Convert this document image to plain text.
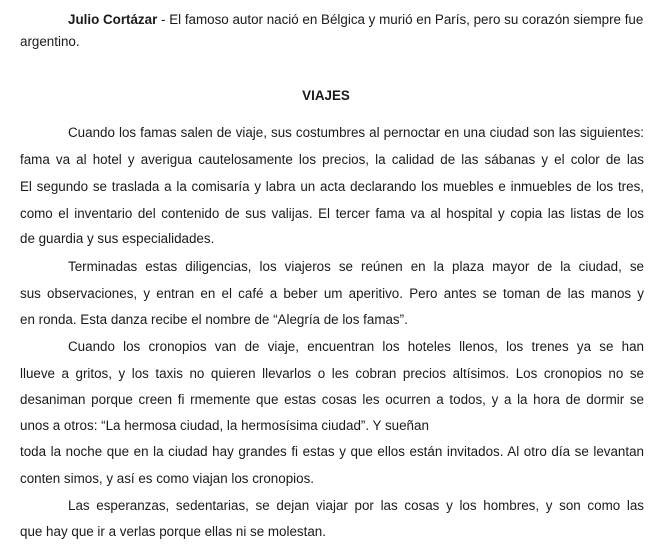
Julio Cortázar - El famoso autor nació en Bélgica y murió en París, pero su corazón siempre fue
argentino.
VIAJES
Cuando los famas salen de viaje, sus costumbres al pernoctar en una ciudad son las siguientes:
fama va al hotel y averigua cautelosamente los precios, la calidad de las sábanas y el color de las
El segundo se traslada a la comisaría y labra un acta declarando los muebles e inmuebles de los tres,
como el inventario del contenido de sus valijas. El tercer fama va al hospital y copia las listas de los
de guardia y sus especialidades.
Terminadas estas diligencias, los viajeros se reúnen en la plaza mayor de la ciudad, se
sus observaciones, y entran en el café a beber um aperitivo. Pero antes se toman de las manos y
en ronda. Esta danza recibe el nombre de “Alegría de los famas”.
Cuando los cronopios van de viaje, encuentran los hoteles llenos, los trenes ya se han
llueve a gritos, y los taxis no quieren llevarlos o les cobran precios altísimos. Los cronopios no se
desaniman porque creen fi rmemente que estas cosas les ocurren a todos, y a la hora de dormir se
unos a otros: “La hermosa ciudad, la hermosísima ciudad”. Y sueñan
toda la noche que en la ciudad hay grandes fi estas y que ellos están invitados. Al otro día se levantan
conten simos, y así es como viajan los cronopios.
Las esperanzas, sedentarias, se dejan viajar por las cosas y los hombres, y son como las
que hay que ir a verlas porque ellas ni se molestan.
